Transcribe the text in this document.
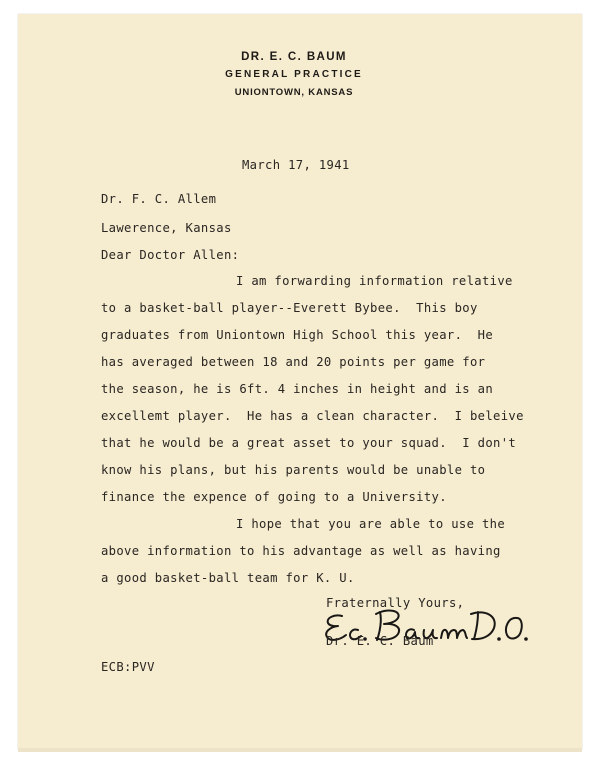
DR. E. C. BAUM
GENERAL PRACTICE
UNIONTOWN, KANSAS
March 17, 1941
Dr. F. C. Allem
Lawerence, Kansas
Dear Doctor Allen:
I am forwarding information relative
to a basket-ball player--Everett Bybee.  This boy
graduates from Uniontown High School this year.  He
has averaged between 18 and 20 points per game for
the season, he is 6ft. 4 inches in height and is an
excellemt player.  He has a clean character.  I beleive
that he would be a great asset to your squad.  I don't
know his plans, but his parents would be unable to
finance the expence of going to a University.
I hope that you are able to use the
above information to his advantage as well as having
a good basket-ball team for K. U.
Fraternally Yours,
Dr. E. C. Baum
ECB:PVV
